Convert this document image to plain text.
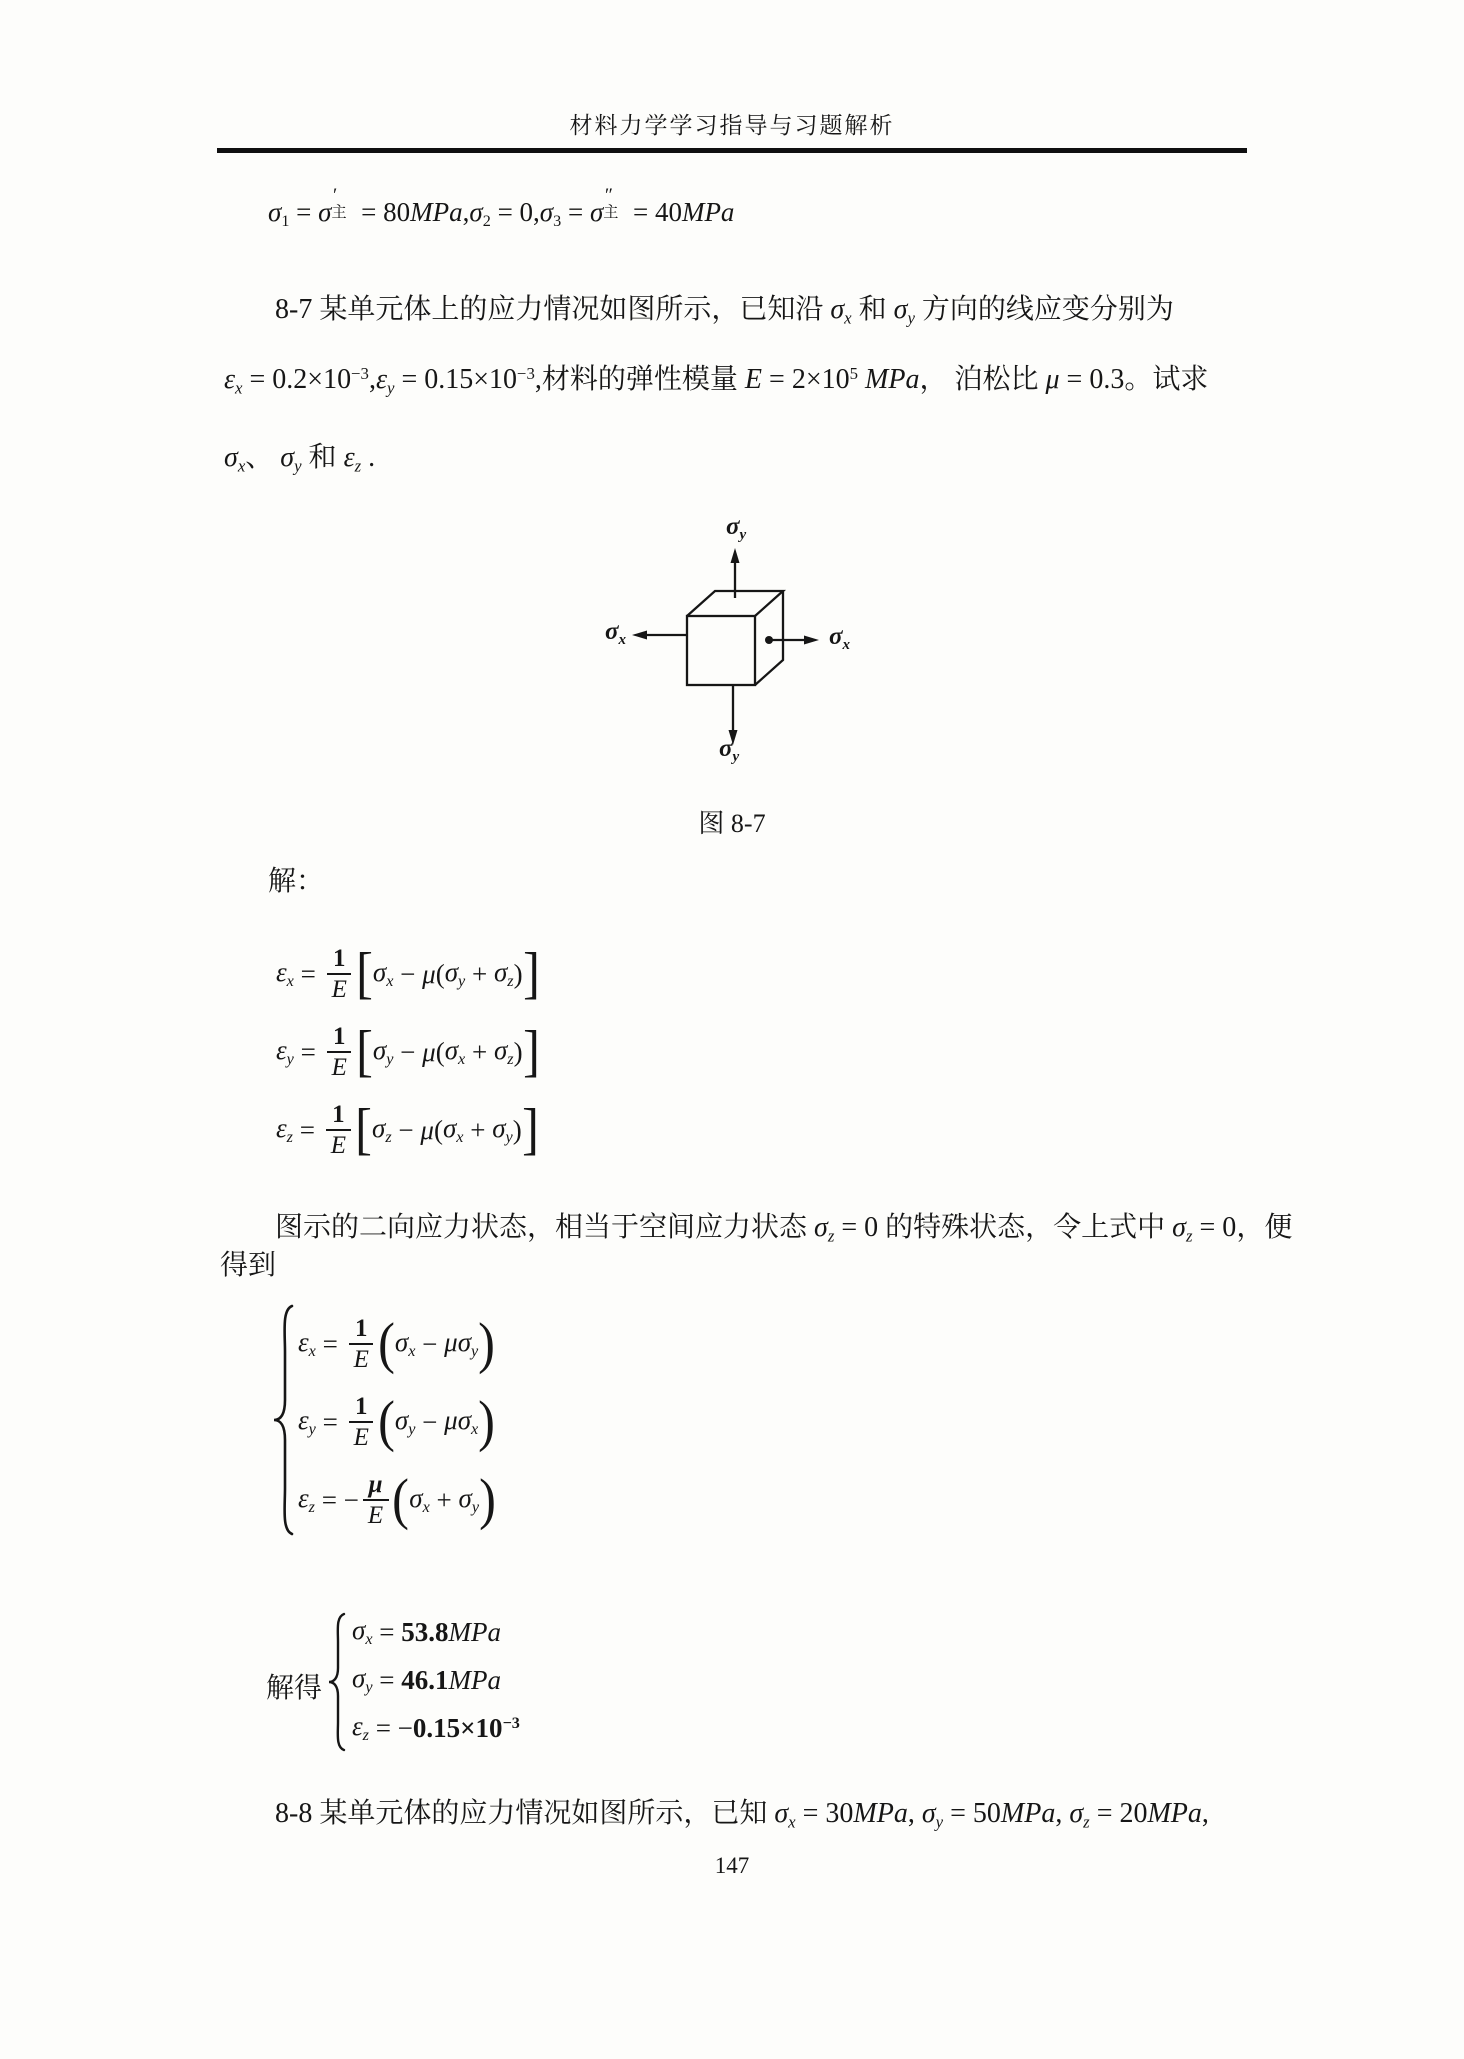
材料力学学习指导与习题解析
σ1 = σ
′
主 = 80MPa,σ2 = 0,σ3 = σ
″
主 = 40MPa
8-7 某单元体上的应力情况如图所示，已知沿 σx 和 σy 方向的线应变分别为
$\varepsilon x = 0.2\times 10^{-3},\varepsilon y = 0.15\times 10^{-3}$,材料的弹性模量 $E = 2\times 10^5$ MPa， 泊松比 μ = 0.3。试求
σx、 σy 和 εz .
σy
σx	σx
σy
图 8-7
解：
$\varepsilon x = \frac{1}{E}$ [ σx − μ ( σy + σz ) ]
$\varepsilon y = \frac{1}{E}$ [ σy − μ ( σx + σz ) ]
$\varepsilon z = \frac{1}{E}$ [ σz − μ ( σx + σy ) ]
图示的二向应力状态，相当于空间应力状态 σz = 0 的特殊状态，令上式中 σz = 0，便
得到
$\varepsilon x = \frac{1}{E}$ ( σx − μσy )
$\varepsilon y = \frac{1}{E}$ ( σy − μσx )
εz = − $\frac{\mu}{E}$ ( σx + σy )
解得
σx = 53.8 MPa
σy = 46.1 MPa
εz = − $0.15\times 10^{-3}$
8-8 某单元体的应力情况如图所示，已知 σx = 30MPa, σy = 50MPa, σz = 20MPa,
147
